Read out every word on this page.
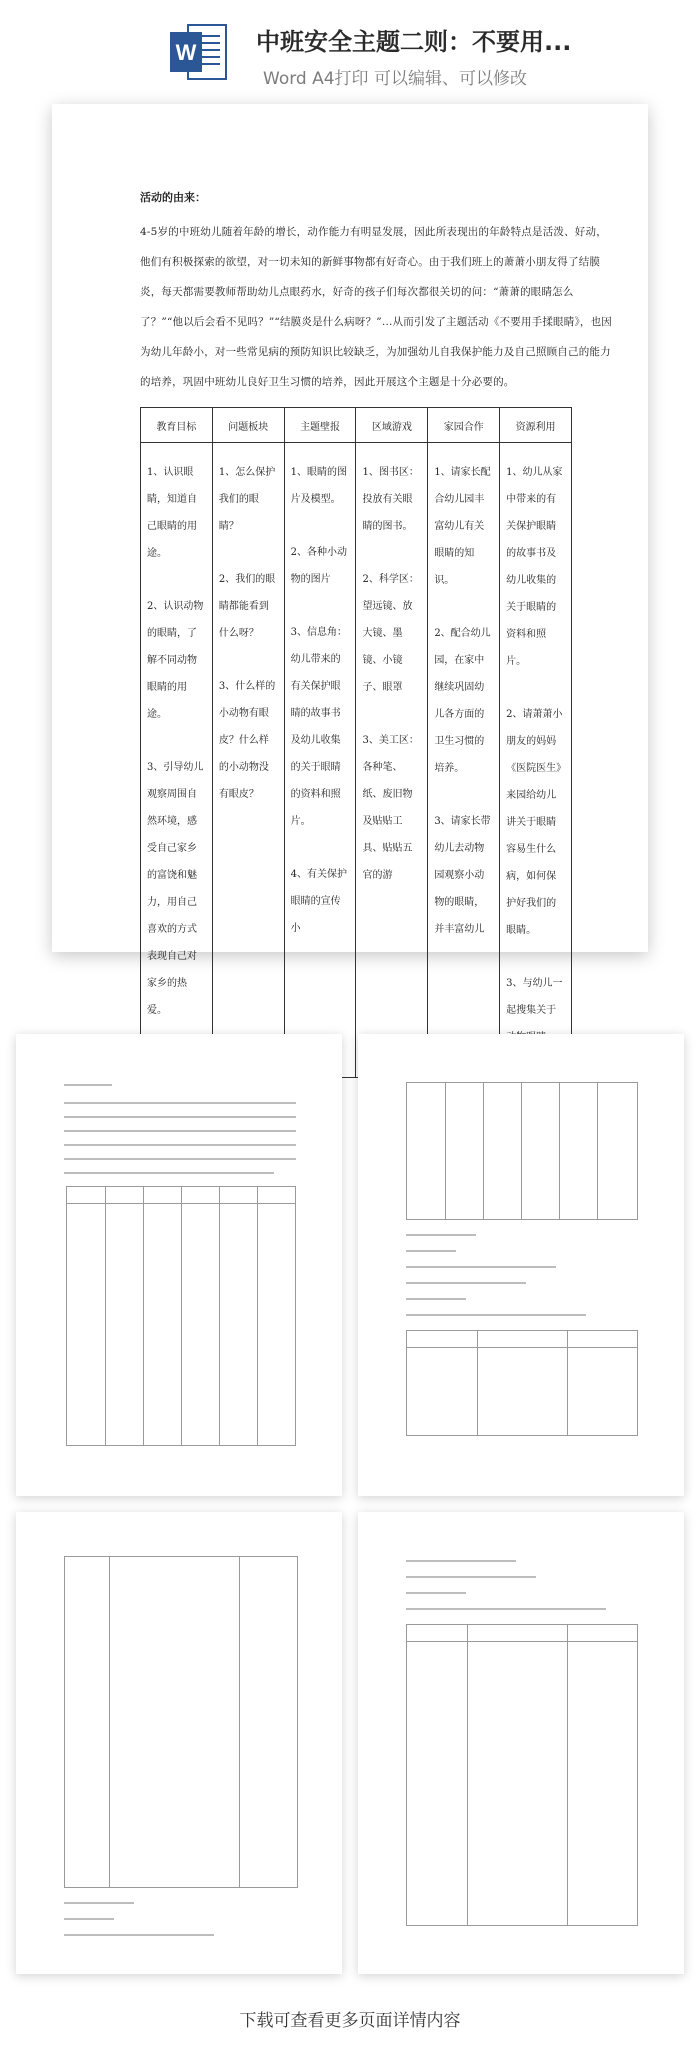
W 中班安全主题二则：不要用...
Word A4打印 可以编辑、可以修改

活动的由来：

4-5岁的中班幼儿随着年龄的增长，动作能力有明显发展，因此所表现出的年龄特点是活泼、好动，他们有积极探索的欲望，对一切未知的新鲜事物都有好奇心。由于我们班上的萧萧小朋友得了结膜炎，每天都需要教师帮助幼儿点眼药水，好奇的孩子们每次都很关切的问：“萧萧的眼睛怎么了？”“他以后会看不见吗？”“结膜炎是什么病呀？”…从而引发了主题活动《不要用手揉眼睛》，也因为幼儿年龄小，对一些常见病的预防知识比较缺乏，为加强幼儿自我保护能力及自己照顾自己的能力的培养，巩固中班幼儿良好卫生习惯的培养，因此开展这个主题是十分必要的。

教育目标	问题板块	主题壁报	区域游戏	家园合作	资源利用

1、认识眼睛，知道自己眼睛的用途。
2、认识动物的眼睛，了解不同动物眼睛的用途。
3、引导幼儿观察周围自然环境，感受自己家乡的富饶和魅力，用自己喜欢的方式表现自己对家乡的热爱。	1、怎么保护我们的眼睛？
2、我们的眼睛都能看到什么呀？
3、什么样的小动物有眼皮？什么样的小动物没有眼皮？	1、眼睛的图片及模型。
2、各种小动物的图片
3、信息角：幼儿带来的有关保护眼睛的故事书及幼儿收集的关于眼睛的资料和照片。
4、有关保护眼睛的宣传小	1、图书区：投放有关眼睛的图书。
2、科学区：望远镜、放大镜、墨镜、小镜子、眼罩
3、美工区：各种笔、纸、废旧物及贴贴工具、贴贴五官的游	1、请家长配合幼儿园丰富幼儿有关眼睛的知识。
2、配合幼儿园，在家中继续巩固幼儿各方面的卫生习惯的培养。
3、请家长带幼儿去动物园观察小动物的眼睛，并丰富幼儿	1、幼儿从家中带来的有关保护眼睛的故事书及幼儿收集的关于眼睛的资料和照片。
2、请萧萧小朋友的妈妈《医院医生》来园给幼儿讲关于眼睛容易生什么病，如何保护好我们的眼睛。
3、与幼儿一起搜集关于
下载可查看更多页面详情内容
